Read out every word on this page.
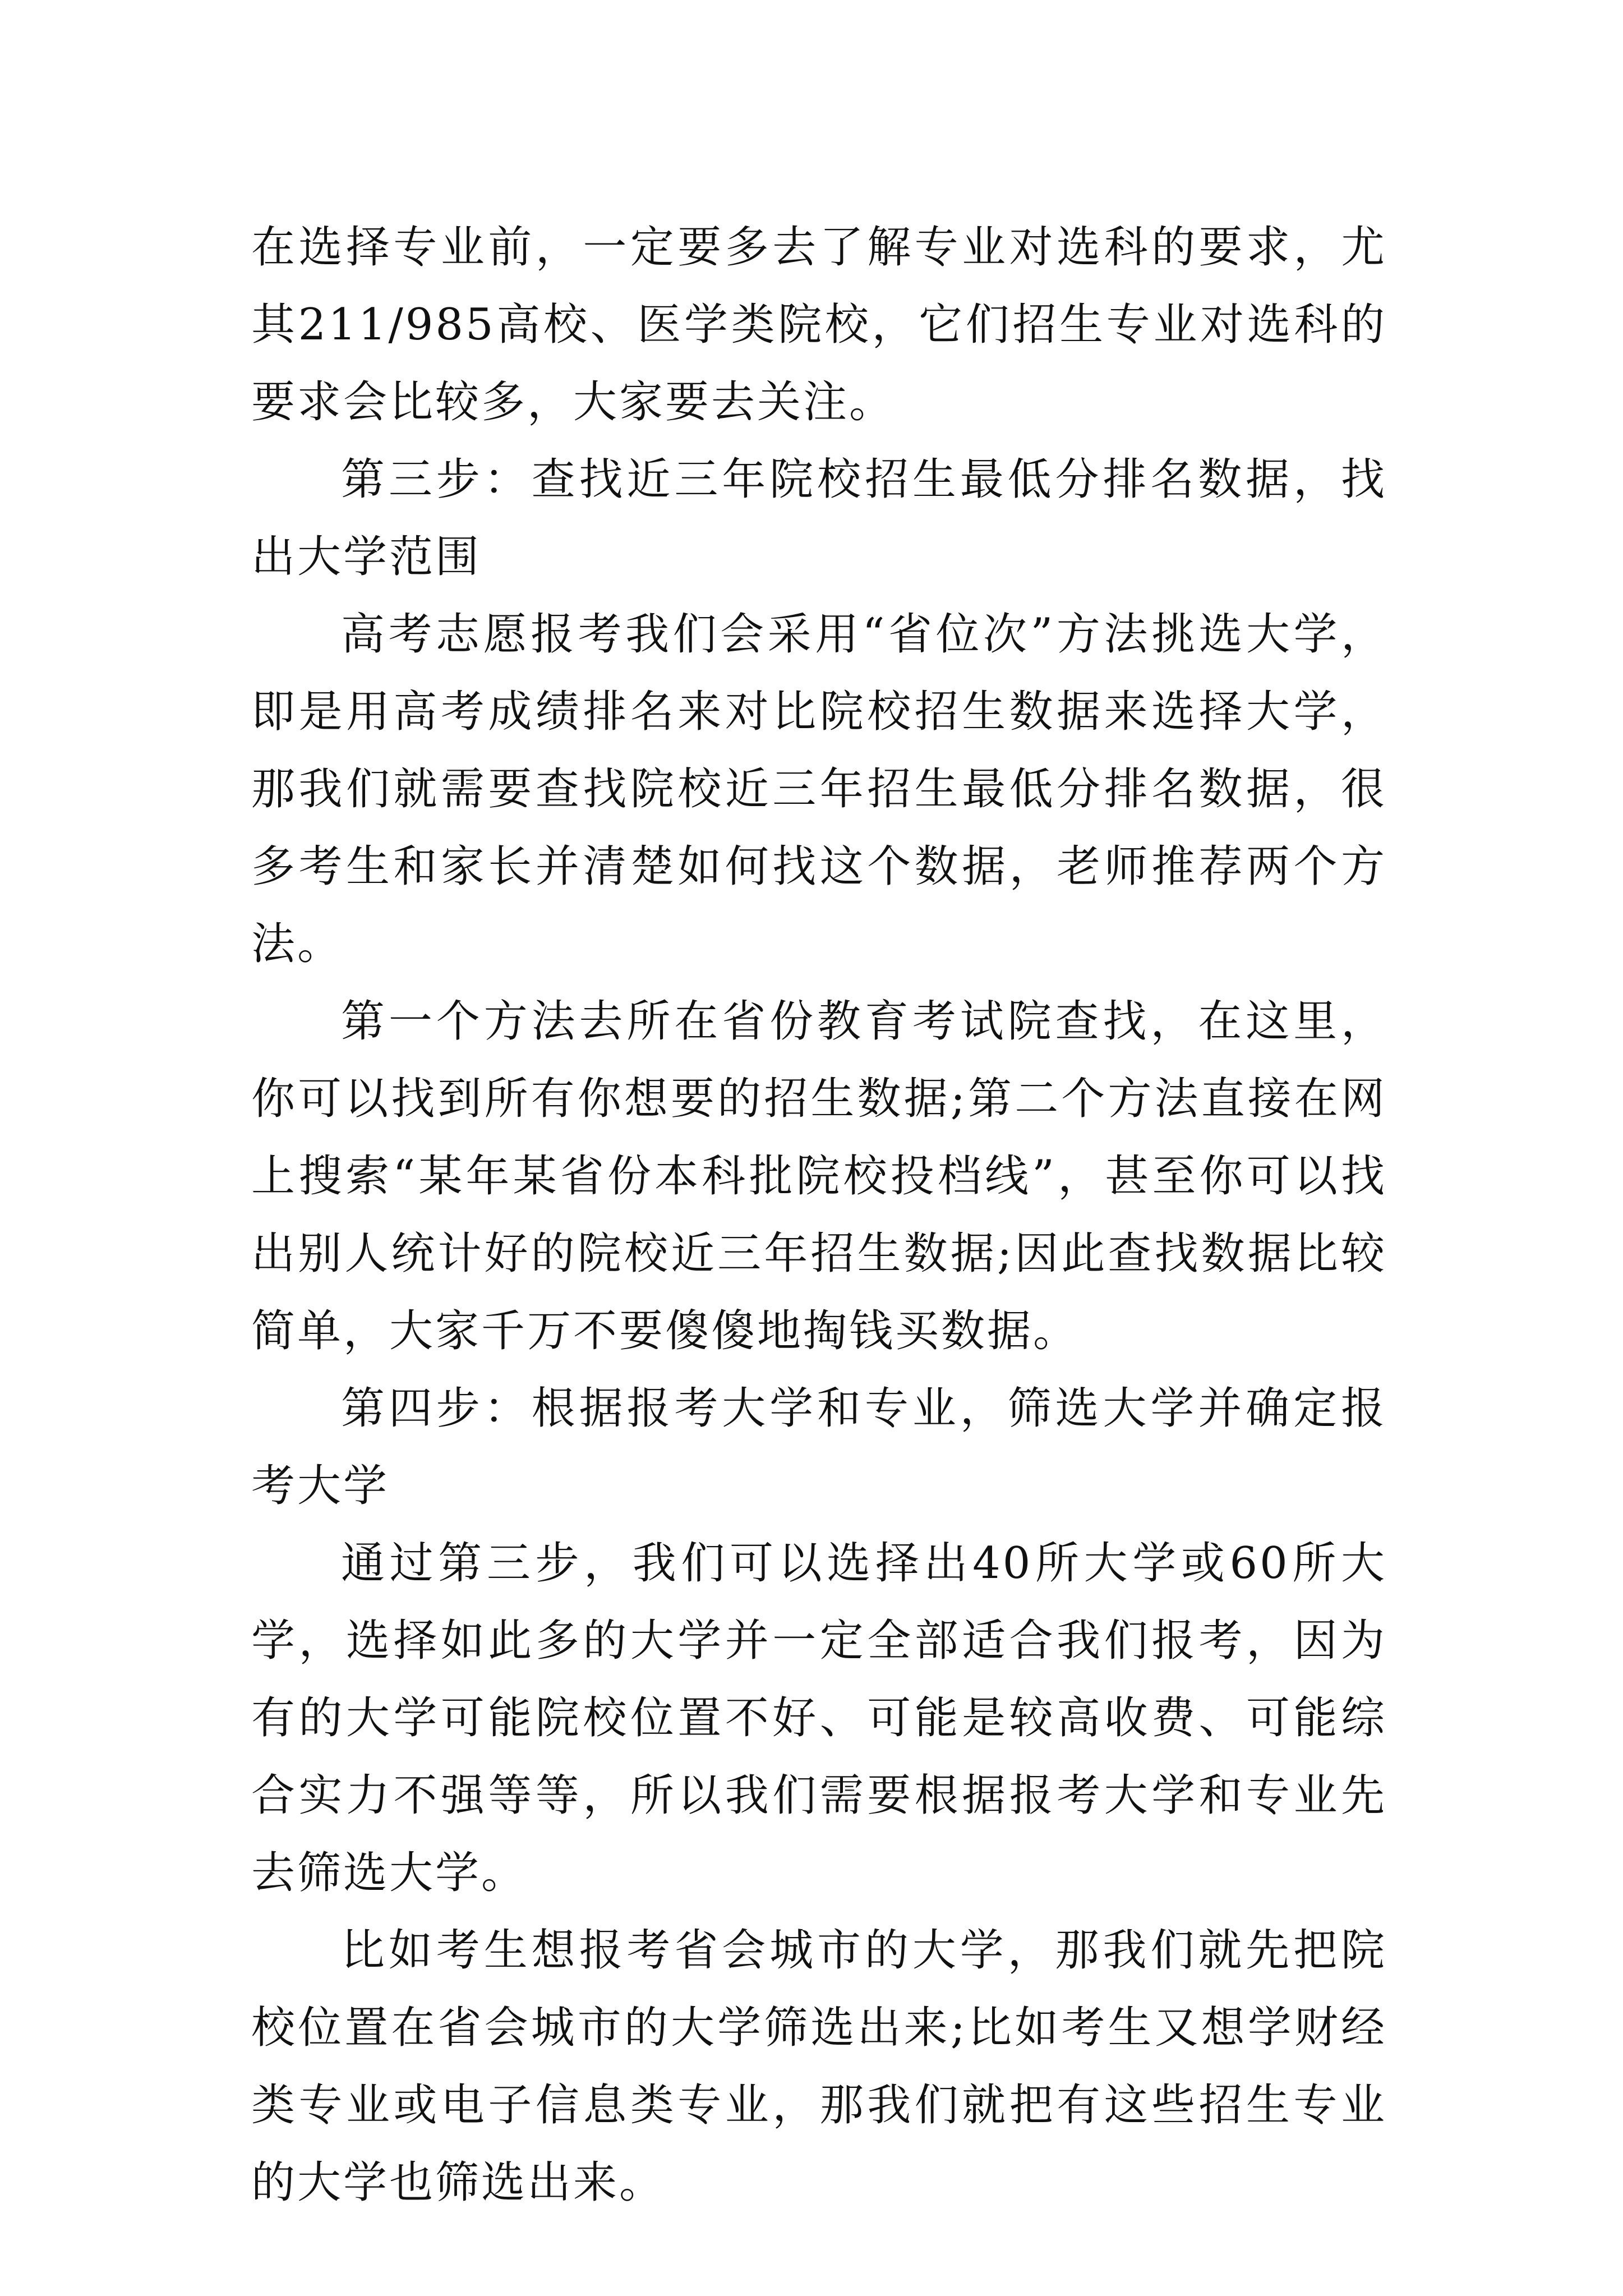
在选择专业前，一定要多去了解专业对选科的要求，尤其211/985高校、医学类院校，它们招生专业对选科的要求会比较多，大家要去关注。

第三步：查找近三年院校招生最低分排名数据，找出大学范围

高考志愿报考我们会采用“省位次”方法挑选大学，即是用高考成绩排名来对比院校招生数据来选择大学，那我们就需要查找院校近三年招生最低分排名数据，很多考生和家长并清楚如何找这个数据，老师推荐两个方法。

第一个方法去所在省份教育考试院查找，在这里，你可以找到所有你想要的招生数据;第二个方法直接在网上搜索“某年某省份本科批院校投档线”，甚至你可以找出别人统计好的院校近三年招生数据;因此查找数据比较简单，大家千万不要傻傻地掏钱买数据。

第四步：根据报考大学和专业，筛选大学并确定报考大学

通过第三步，我们可以选择出40所大学或60所大学，选择如此多的大学并一定全部适合我们报考，因为有的大学可能院校位置不好、可能是较高收费、可能综合实力不强等等，所以我们需要根据报考大学和专业先去筛选大学。

比如考生想报考省会城市的大学，那我们就先把院校位置在省会城市的大学筛选出来;比如考生又想学财经类专业或电子信息类专业，那我们就把有这些招生专业的大学也筛选出来。
